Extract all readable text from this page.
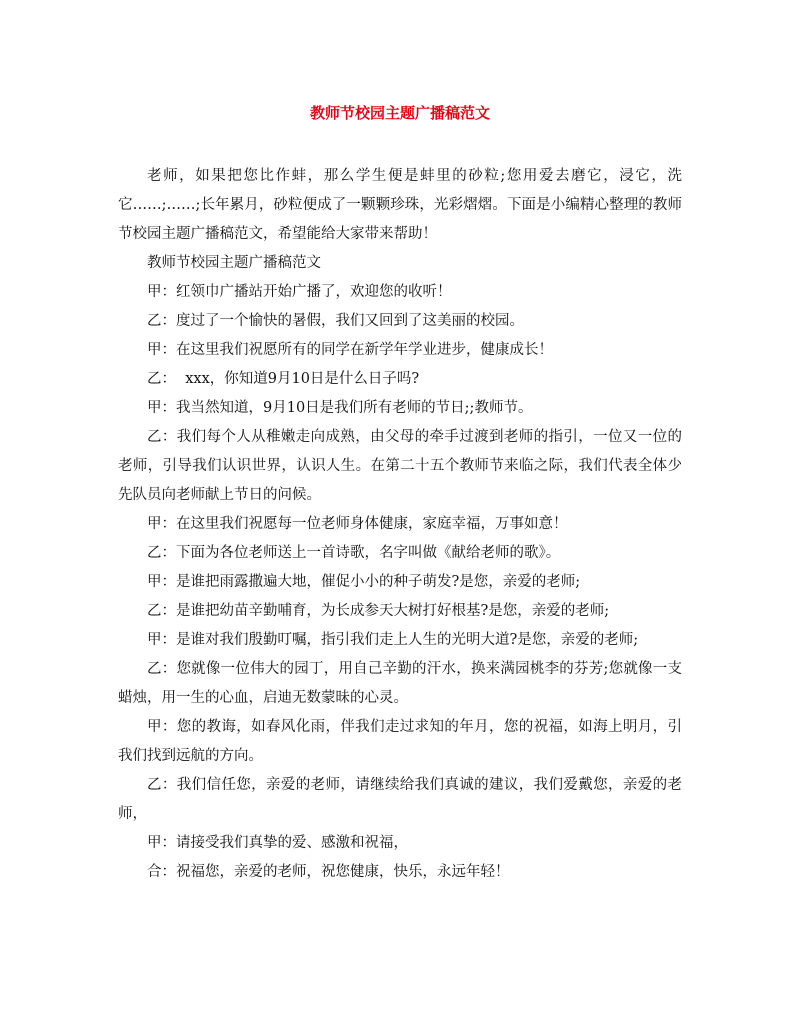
教师节校园主题广播稿范文

老师，如果把您比作蚌，那么学生便是蚌里的砂粒;您用爱去磨它，浸它，洗它……;……;长年累月，砂粒便成了一颗颗珍珠，光彩熠熠。下面是小编精心整理的教师节校园主题广播稿范文，希望能给大家带来帮助！

教师节校园主题广播稿范文

甲：红领巾广播站开始广播了，欢迎您的收听！

乙：度过了一个愉快的暑假，我们又回到了这美丽的校园。

甲：在这里我们祝愿所有的同学在新学年学业进步，健康成长！

乙：  xxx，你知道9月10日是什么日子吗?

甲：我当然知道，9月10日是我们所有老师的节日;;教师节。

乙：我们每个人从稚嫩走向成熟，由父母的牵手过渡到老师的指引，一位又一位的老师，引导我们认识世界，认识人生。在第二十五个教师节来临之际，我们代表全体少先队员向老师献上节日的问候。

甲：在这里我们祝愿每一位老师身体健康，家庭幸福，万事如意！

乙：下面为各位老师送上一首诗歌，名字叫做《献给老师的歌》。

甲：是谁把雨露撒遍大地，催促小小的种子萌发?是您，亲爱的老师;

乙：是谁把幼苗辛勤哺育，为长成参天大树打好根基?是您，亲爱的老师;

甲：是谁对我们殷勤叮嘱，指引我们走上人生的光明大道?是您，亲爱的老师;

乙：您就像一位伟大的园丁，用自己辛勤的汗水，换来满园桃李的芬芳;您就像一支蜡烛，用一生的心血，启迪无数蒙昧的心灵。

甲：您的教诲，如春风化雨，伴我们走过求知的年月，您的祝福，如海上明月，引我们找到远航的方向。

乙：我们信任您，亲爱的老师，请继续给我们真诚的建议，我们爱戴您，亲爱的老师，

甲：请接受我们真挚的爱、感激和祝福，

合：祝福您，亲爱的老师，祝您健康，快乐，永远年轻！
